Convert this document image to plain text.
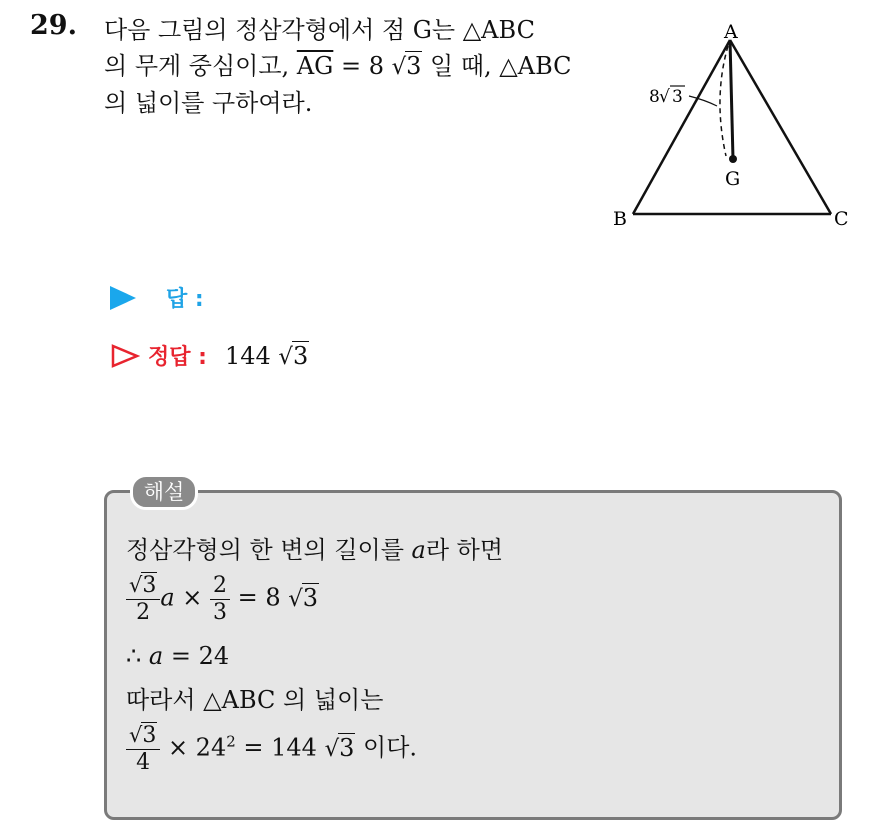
29. 다음 그림의 정삼각형에서 점 G는 △ABC
의 무게 중심이고, $\overline{AG} = 8$ √3 일 때, △ABC
의 넓이를 구하여라.
A
B	C
G
8 √ 3
답 :
정답 : 144 √3
해설
정삼각형의 한 변의 길이를 a라 하면
$\frac{√3}{2}$ $a \times \frac{2}{3} = 8$ √3
∴ a = 24
따라서 △ABC 의 넓이는
$\frac{√3}{4} \times 24^2 = 144$ √3 이다.
